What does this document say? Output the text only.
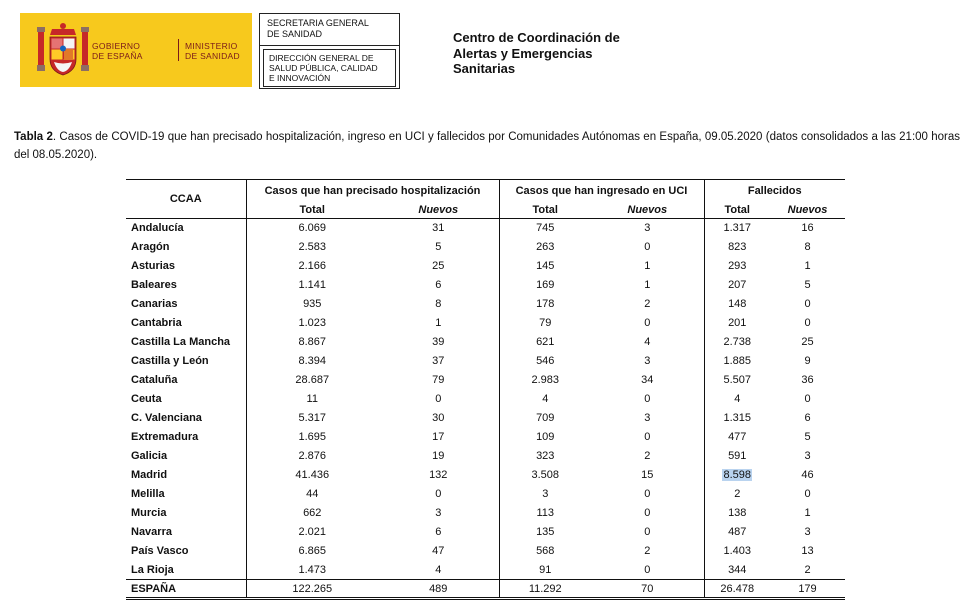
GOBIERNO
DE ESPAÑA
MINISTERIO
DE SANIDAD
SECRETARIA GENERAL
DE SANIDAD
DIRECCIÓN GENERAL DE
SALUD PÚBLICA, CALIDAD
E INNOVACIÓN
Centro de Coordinación de
Alertas y Emergencias
Sanitarias
Tabla 2. Casos de COVID-19 que han precisado hospitalización, ingreso en UCI y fallecidos por Comunidades Autónomas en España, 09.05.2020 (datos consolidados a las 21:00 horas del 08.05.2020).
CCAA	Casos que han precisado hospitalización		Casos que han ingresado en UCI		Fallecidos	
	Total	Nuevos	Total	Nuevos	Total	Nuevos
Andalucía	6.069	31	745	3	1.317	16
Aragón	2.583	5	263	0	823	8
Asturias	2.166	25	145	1	293	1
Baleares	1.141	6	169	1	207	5
Canarias	935	8	178	2	148	0
Cantabria	1.023	1	79	0	201	0
Castilla La Mancha	8.867	39	621	4	2.738	25
Castilla y León	8.394	37	546	3	1.885	9
Cataluña	28.687	79	2.983	34	5.507	36
Ceuta	11	0	4	0	4	0
C. Valenciana	5.317	30	709	3	1.315	6
Extremadura	1.695	17	109	0	477	5
Galicia	2.876	19	323	2	591	3
Madrid	41.436	132	3.508	15	8.598	46
Melilla	44	0	3	0	2	0
Murcia	662	3	113	0	138	1
Navarra	2.021	6	135	0	487	3
País Vasco	6.865	47	568	2	1.403	13
La Rioja	1.473	4	91	0	344	2
ESPAÑA	122.265	489	11.292	70	26.478	179
